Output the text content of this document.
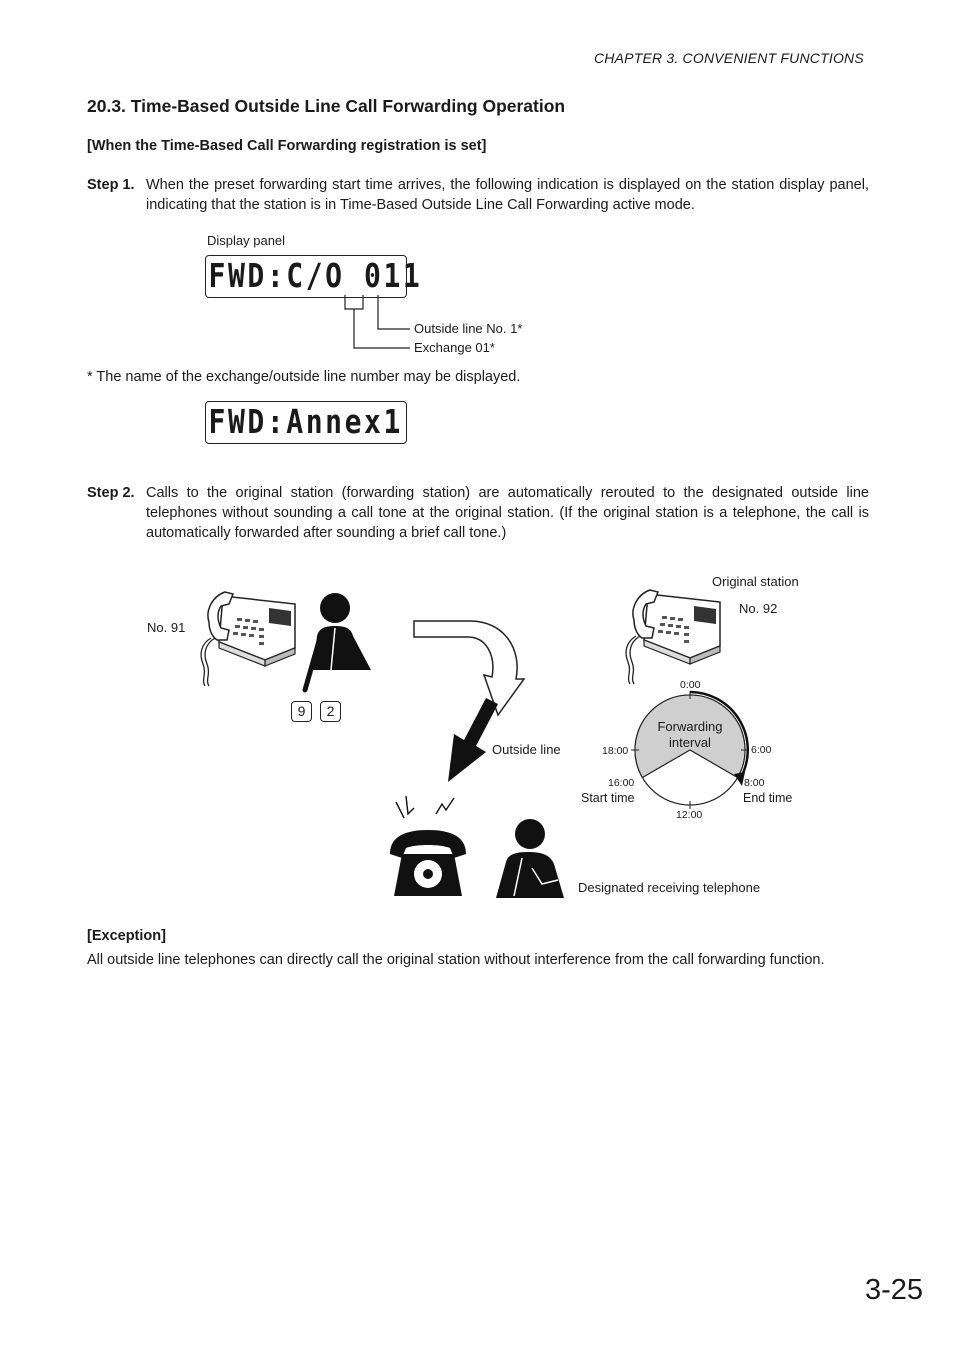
CHAPTER 3. CONVENIENT FUNCTIONS
20.3. Time-Based Outside Line Call Forwarding Operation
[When the Time-Based Call Forwarding registration is set]
Step 1. When the preset forwarding start time arrives, the following indication is displayed on the station display panel, indicating that the station is in Time-Based Outside Line Call Forwarding active mode.
Display panel
FWD:C/O 011
Outside line No. 1*
Exchange 01*
* The name of the exchange/outside line number may be displayed.
FWD:Annex1
Step 2. Calls to the original station (forwarding station) are automatically rerouted to the designated outside line telephones without sounding a call tone at the original station. (If the original station is a telephone, the call is automatically forwarded after sounding a brief call tone.)
No. 91
9	2
Outside line
Original station
No. 92
0:00
6:00
18:00
8:00
16:00
12:00
Forwarding
interval
Start time	End time
Designated receiving telephone
[Exception]
All outside line telephones can directly call the original station without interference from the call forwarding function.
3-25
